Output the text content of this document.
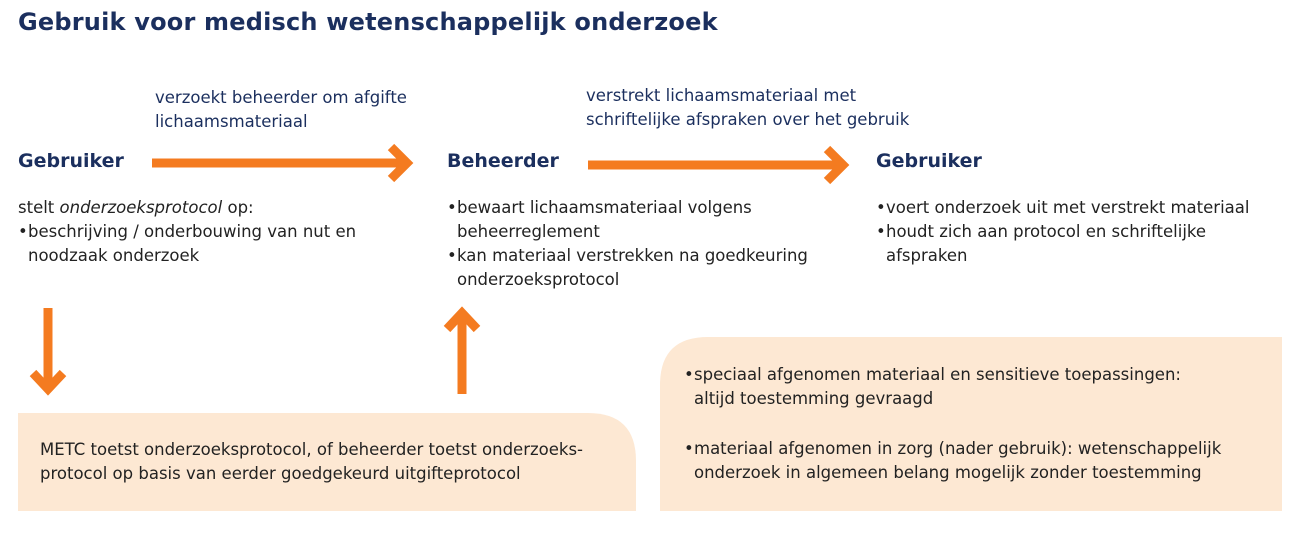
Gebruik voor medisch wetenschappelijk onderzoek
verzoekt beheerder om afgifte
lichaamsmateriaal
verstrekt lichaamsmateriaal met
schriftelijke afspraken over het gebruik
Gebruiker	Beheerder	Gebruiker

stelt onderzoeksprotocol op:

• beschrijving / onderbouwing van nut en noodzaak onderzoek

• bewaart lichaamsmateriaal volgens beheerreglement

• kan materiaal verstrekken na goedkeuring onderzoeksprotocol

• voert onderzoek uit met verstrekt materiaal

• houdt zich aan protocol en schriftelijke afspraken

METC toetst onderzoeksprotocol, of beheerder toetst onderzoeks-
protocol op basis van eerder goedgekeurd uitgifteprotocol
• speciaal afgenomen materiaal en sensitieve toepassingen:
altijd toestemming gevraagd
• materiaal afgenomen in zorg (nader gebruik): wetenschappelijk
onderzoek in algemeen belang mogelijk zonder toestemming
